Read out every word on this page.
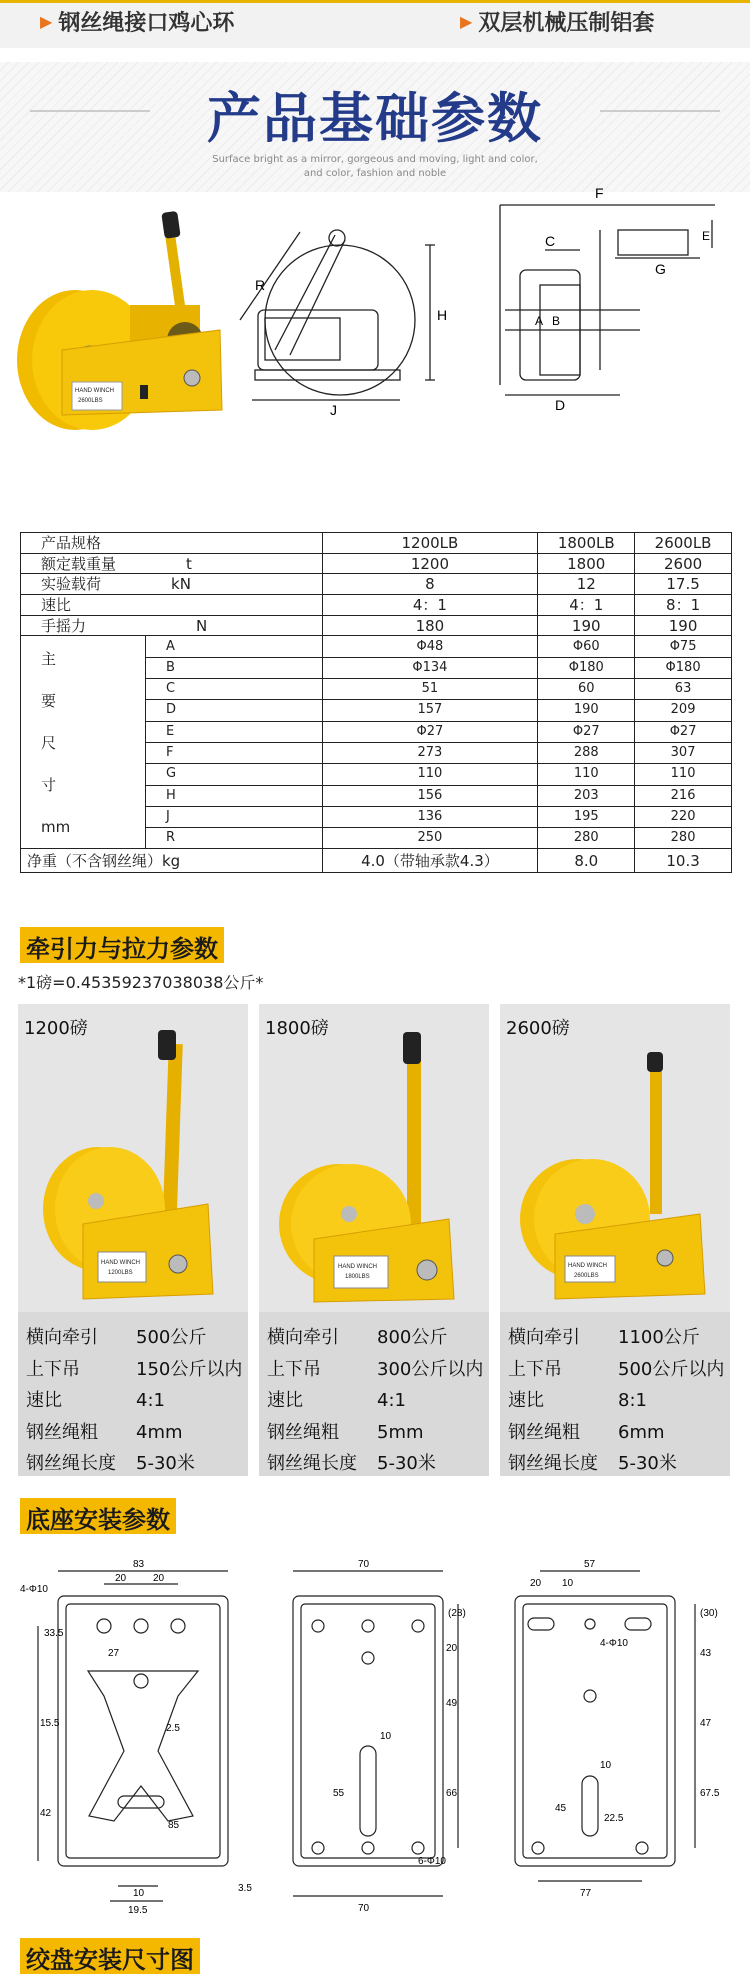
▶ 钢丝绳接口鸡心环	▶ 双层机械压制铝套
产品基础参数
Surface bright as a mirror, gorgeous and moving, light and color,
and color, fashion and noble
HAND WINCH
2600LBS
R
H
J
F
E
C
G
A B
D
产品规格		1200LB	1800LB	2600LB
额定载重量 t		1200	1800	2600
实验载荷 kN		8	12	17.5
速比		4：1	4：1	8：1
手摇力 N		180	190	190

主
要
尺
寸
mm	A	Φ48	Φ60	Φ75
	B	Φ134	Φ180	Φ180
	C	51	60	63
	D	157	190	209
	E	Φ27	Φ27	Φ27
	F	273	288	307
	G	110	110	110
	H	156	203	216
	J	136	195	220
	R	250	280	280
净重（不含钢丝绳）kg		4.0（带轴承款4.3）	8.0	10.3
牵引力与拉力参数
*1磅=0.45359237038038公斤*
1200磅
HAND WINCH
1200LBS
横向牵引	500公斤
上下吊	150公斤以内
速比	4:1
钢丝绳粗	4mm
钢丝绳长度	5-30米
1800磅
HAND WINCH
1800LBS
横向牵引	800公斤
上下吊	300公斤以内
速比	4:1
钢丝绳粗	5mm
钢丝绳长度	5-30米
2600磅
HAND WINCH
2600LBS
横向牵引	1100公斤
上下吊	500公斤以内
速比	8:1
钢丝绳粗	6mm
钢丝绳长度	5-30米
底座安装参数
83
20	20
4-Φ10
33.5
27
15.5	2.5
42
85
10
19.5
3.5
70
70
(28)
20
49
66
55
10
6-Φ10
57
20 10
4-Φ10
(30)
43
47
67.5
45
22.5
10
77
绞盘安装尺寸图
